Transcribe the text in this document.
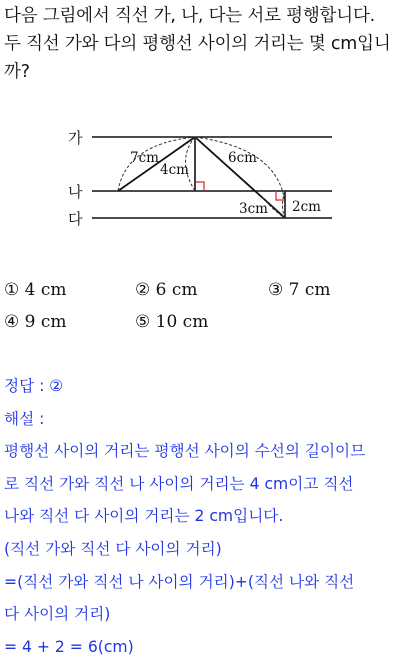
다음 그림에서 직선 가, 나, 다는 서로 평행합니다.
두 직선 가와 다의 평행선 사이의 거리는 몇 cm입니
까?
가
나
다
7cm
4cm
6cm
3cm 2cm
① 4 cm	② 6 cm	③ 7 cm
④ 9 cm	⑤ 10 cm
정답 : ②
해설 :
평행선 사이의 거리는 평행선 사이의 수선의 길이이므
로 직선 가와 직선 나 사이의 거리는 4 cm이고 직선
나와 직선 다 사이의 거리는 2 cm입니다.
(직선 가와 직선 다 사이의 거리)
=(직선 가와 직선 나 사이의 거리)+(직선 나와 직선
다 사이의 거리)
= 4 + 2 = 6(cm)
